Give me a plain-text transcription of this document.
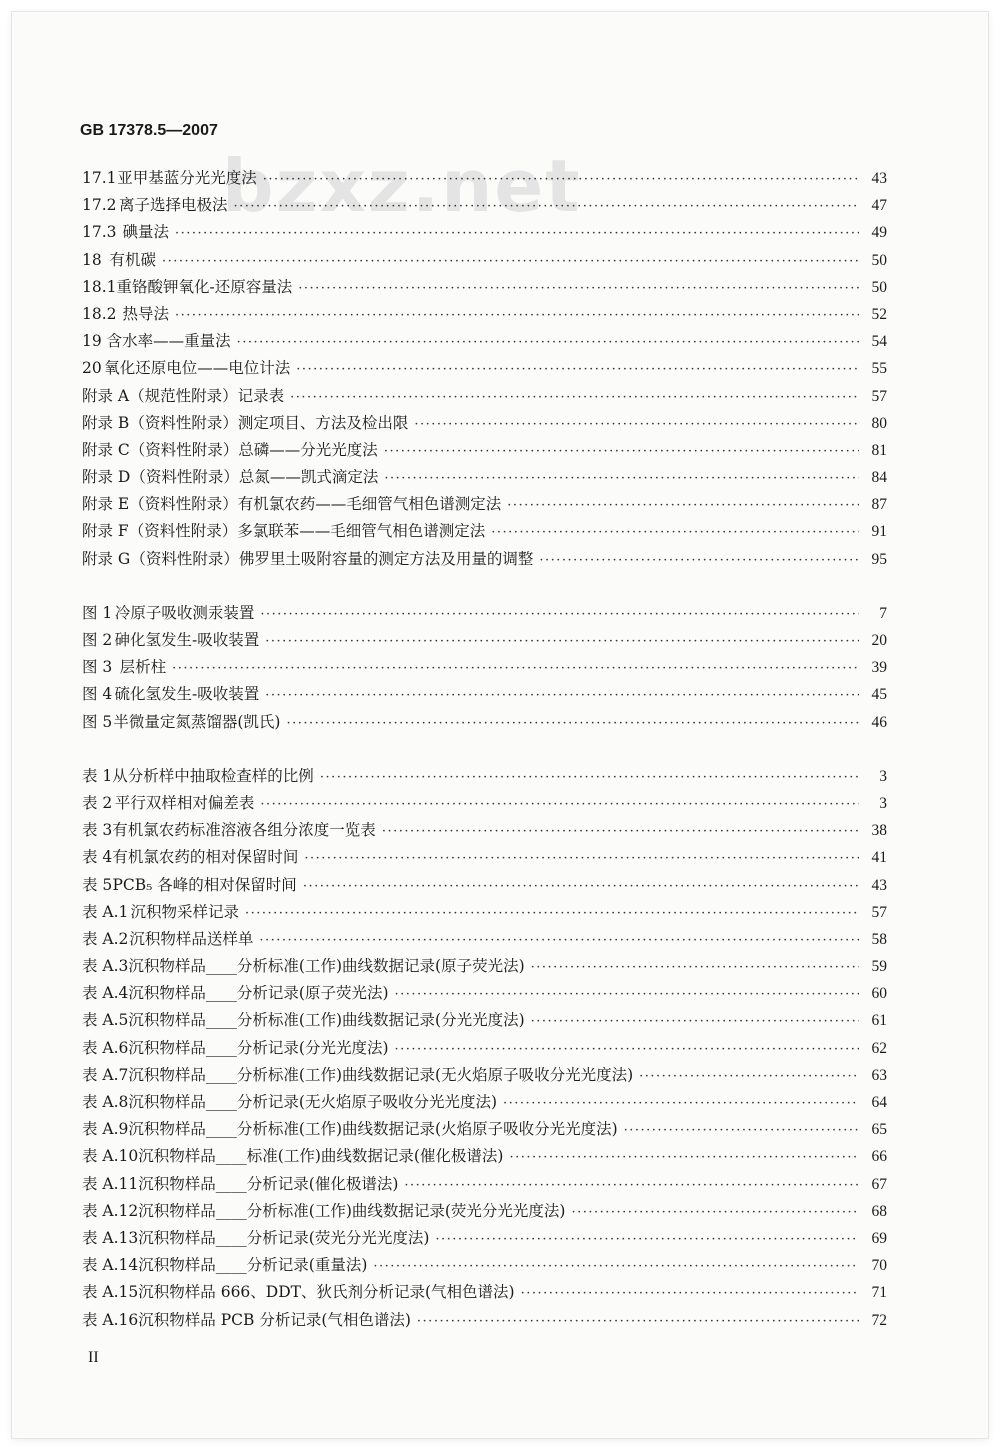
bzxz.net
GB 17378.5—2007
17.1 亚甲基蓝分光光度法 ·····	43
17.2 离子选择电极法 ·····	47
17.3 碘量法 ·····	49
18 有机碳 ·····	50
18.1 重铬酸钾氧化-还原容量法 ·····	50
18.2 热导法 ·····	52
19 含水率——重量法 ·····	54
20 氧化还原电位——电位计法 ·····	55
附录 A （规范性附录）记录表 ·····	57
附录 B （资料性附录）测定项目、方法及检出限 ·····	80
附录 C （资料性附录）总磷——分光光度法 ·····	81
附录 D （资料性附录）总氮——凯式滴定法 ·····	84
附录 E （资料性附录）有机氯农药——毛细管气相色谱测定法 ·····	87
附录 F （资料性附录）多氯联苯——毛细管气相色谱测定法 ·····	91
附录 G （资料性附录）佛罗里土吸附容量的测定方法及用量的调整 ·····	95
图 1 冷原子吸收测汞装置 ·····	7
图 2 砷化氢发生-吸收装置 ·····	20
图 3 层析柱 ·····	39
图 4 硫化氢发生-吸收装置 ·····	45
图 5 半微量定氮蒸馏器(凯氏) ·····	46
表 1 从分析样中抽取检查样的比例 ·····	3
表 2 平行双样相对偏差表 ·····	3
表 3 有机氯农药标准溶液各组分浓度一览表 ·····	38
表 4 有机氯农药的相对保留时间 ·····	41
表 5 PCB₅ 各峰的相对保留时间 ·····	43
表 A.1 沉积物采样记录 ·····	57
表 A.2 沉积物样品送样单 ·····	58
表 A.3 沉积物样品____分析标准(工作)曲线数据记录(原子荧光法) ·····	59
表 A.4 沉积物样品____分析记录(原子荧光法) ·····	60
表 A.5 沉积物样品____分析标准(工作)曲线数据记录(分光光度法) ·····	61
表 A.6 沉积物样品____分析记录(分光光度法) ·····	62
表 A.7 沉积物样品____分析标准(工作)曲线数据记录(无火焰原子吸收分光光度法) ·····	63
表 A.8 沉积物样品____分析记录(无火焰原子吸收分光光度法) ·····	64
表 A.9 沉积物样品____分析标准(工作)曲线数据记录(火焰原子吸收分光光度法) ·····	65
表 A.10 沉积物样品____标准(工作)曲线数据记录(催化极谱法) ·····	66
表 A.11 沉积物样品____分析记录(催化极谱法) ·····	67
表 A.12 沉积物样品____分析标准(工作)曲线数据记录(荧光分光光度法) ·····	68
表 A.13 沉积物样品____分析记录(荧光分光光度法) ·····	69
表 A.14 沉积物样品____分析记录(重量法) ·····	70
表 A.15 沉积物样品 666、DDT、狄氏剂分析记录(气相色谱法) ·····	71
表 A.16 沉积物样品 PCB 分析记录(气相色谱法) ·····	72
II
